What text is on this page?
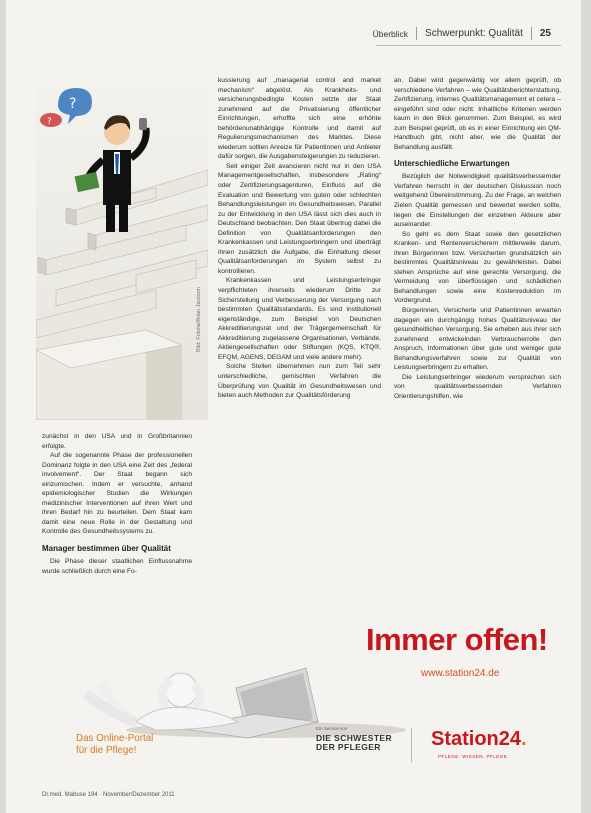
Überblick Schwerpunkt: Qualität 25
?
?
Bild: Fotolia/Brian Jackson

zunächst in den USA und in Großbritannien erfolgte.

Auf die sogenannte Phase der professionellen Dominanz folgte in den USA eine Zeit des „federal involvement“. Der Staat begann sich einzumischen. Indem er versuchte, anhand epidemiologischer Studien die Wirkungen medizinischer Interventionen auf ihren Wert und ihren Bedarf hin zu beurteilen. Dem Staat kam damit eine neue Rolle in der Gestaltung und Kontrolle des Gesundheitssystems zu.

Manager bestimmen über Qualität

Die Phase dieser staatlichen Einflussnahme wurde schließlich durch eine Fo-

kussierung auf „managerial control and market mechanism“ abgelöst. Als Krankheits- und versicherungsbedingte Kosten setzte der Staat zunehmend auf die Privatisierung öffentlicher Einrichtungen, erhoffte sich eine erhöhte behördenunabhängige Kontrolle und damit auf Regulierungsmechanismen des Marktes. Diese wiederum sollten Anreize für Patientinnen und Anbieter dafür sorgen, die Ausgabensteigerungen zu reduzieren.

Seit einiger Zeit avancieren nicht nur in den USA Managementgesellschaften, insbesondere „Rating“ oder Zertifizierungsagenturen, Einfluss auf die Evaluation und Bewertung von guten oder schlechten Behandlungsleistungen im Gesundheitswesen. Parallel zu der Entwicklung in den USA lässt sich dies auch in Deutschland beobachten. Den Staat übertrug dabei die Definition von Qualitätsanforderungen den Krankenkassen und Leistungserbringern und überträgt ihnen zusätzlich die Aufgabe, die Einhaltung dieser Qualitätsanforderungen im System selbst zu kontrollieren.

Krankenkassen und Leistungserbringer verpflichteten ihrerseits wiederum Dritte zur Sicherstellung und Verbesserung der Versorgung nach bestimmten Qualitätsstandards. Es sind institutionell eigenständige, zum Beispiel von Deutschen Akkreditierungsrat und der Trägergemeinschaft für Akkreditierung zugelassene Organisationen, Verbände, Aktiengesellschaften oder Stiftungen (KQS, KTQ®, EFQM, AGENS, DEGAM und viele andere mehr).

Solche Stellen übernehmen nun zum Teil sehr unterschiedliche, gemischten Verfahren die Überprüfung von Qualität im Gesundheitswesen und bieten auch Methoden zur Qualitätsförderung

an. Dabei wird gegenwärtig vor allem geprüft, ob verschiedene Verfahren – wie Qualitätsberichterstattung, Zertifizierung, internes Qualitätsmanagement et cetera – eingeführt sind oder nicht. Inhaltliche Kriterien werden kaum in den Blick genommen. Zum Beispiel, es wird zum Beispiel geprüft, ob es in einer Einrichtung ein QM-Handbuch gibt, nicht aber, wie die Qualität der Behandlung ausfällt.

Unterschiedliche Erwartungen

Bezüglich der Notwendigkeit qualitätsverbessernder Verfahren herrscht in der deutschen Diskussion noch weitgehend Übereinstimmung. Zu der Frage, an welchen Zielen Qualität gemessen und bewertet werden sollte, liegen die Einstellungen der einzelnen Akteure aber auseinander.

So geht es dem Staat sowie den gesetzlichen Kranken- und Rentenversicherern mittlerweile darum, ihren Bürgerinnen bzw. Versicherten grundsätzlich ein bestimmtes Qualitätsniveau zu gewährleisten. Dabei stehen Ansprüche auf eine gerechte Versorgung, die Vermeidung von überflüssigen und schädlichen Behandlungen sowie eine Kostenreduktion im Vordergrund.

Bürgerinnen, Versicherte und Patientinnen erwarten dagegen ein durchgängig hohes Qualitätsniveau der gesundheitlichen Versorgung. Sie erheben aus ihrer sich zunehmend entwickelnden Verbraucherrolle den Anspruch, Informationen über gute und weniger gute Behandlungsverfahren sowie zur Qualität von Leistungserbringern zu erhalten.

Die Leistungserbringer wiederum versprechen sich von qualitätsverbessernden Verfahren Orientierungshilfen, wie

Immer offen!
www.station24.de
Das Online-Portal
für die Pflege!
Ein Service von
DIE SCHWESTER
DER PFLEGER	Station24.
PFLEGE. WISSEN. PFLEGE.
Dr.med. Mabuse 194 · November/Dezember 2011
